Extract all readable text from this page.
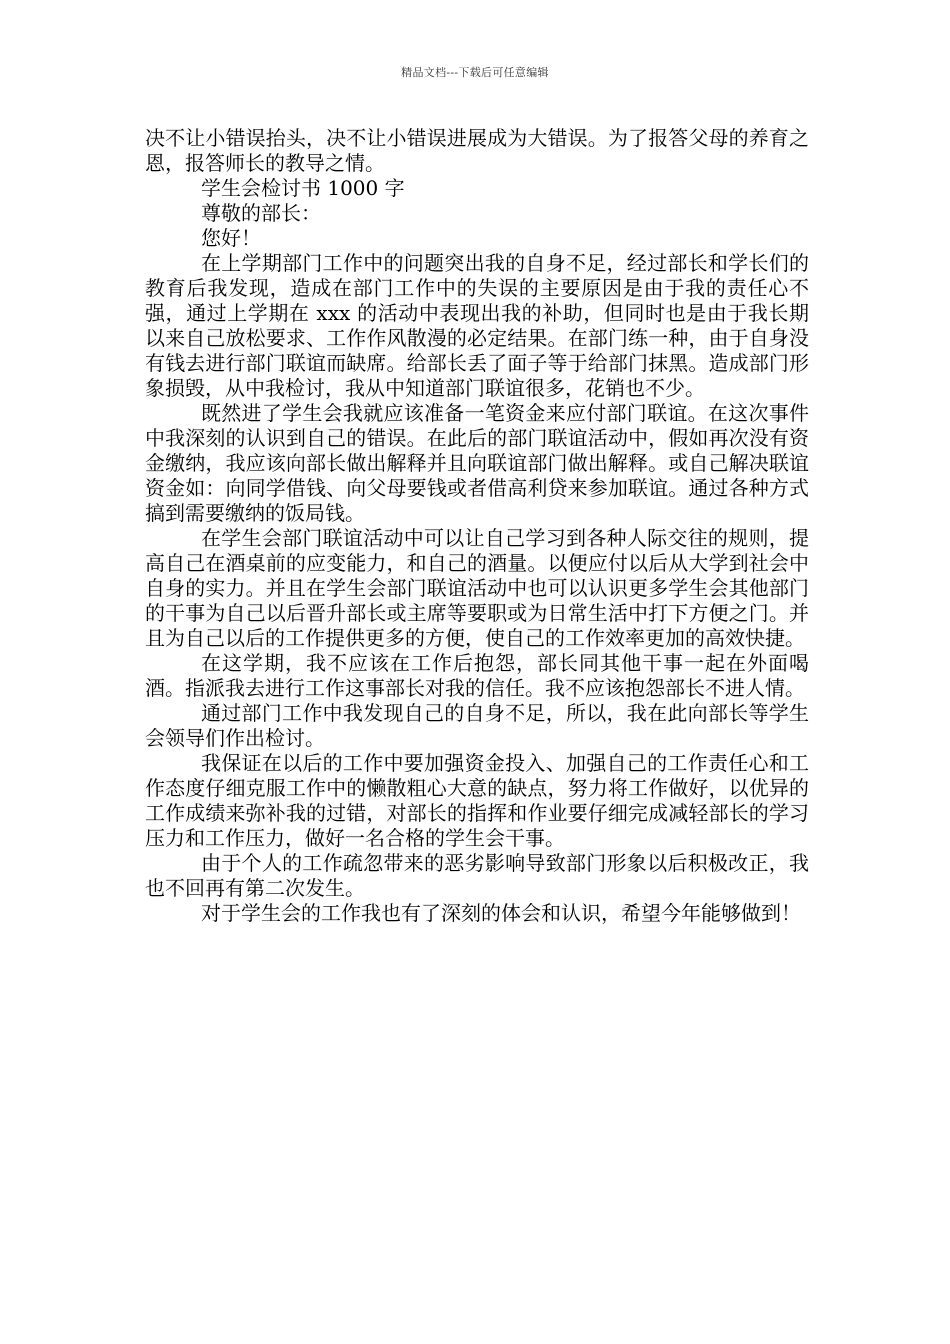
精品文档---下载后可任意编辑

决不让小错误抬头，决不让小错误进展成为大错误。为了报答父母的养育之恩，报答师长的教导之情。

学生会检讨书 1000 字

尊敬的部长：

您好！

在上学期部门工作中的问题突出我的自身不足，经过部长和学长们的教育后我发现，造成在部门工作中的失误的主要原因是由于我的责任心不强，通过上学期在 xxx 的活动中表现出我的补助，但同时也是由于我长期以来自己放松要求、工作作风散漫的必定结果。在部门练一种，由于自身没有钱去进行部门联谊而缺席。给部长丢了面子等于给部门抹黑。造成部门形象损毁，从中我检讨，我从中知道部门联谊很多，花销也不少。

既然进了学生会我就应该准备一笔资金来应付部门联谊。在这次事件中我深刻的认识到自己的错误。在此后的部门联谊活动中，假如再次没有资金缴纳，我应该向部长做出解释并且向联谊部门做出解释。或自己解决联谊资金如：向同学借钱、向父母要钱或者借高利贷来参加联谊。通过各种方式搞到需要缴纳的饭局钱。

在学生会部门联谊活动中可以让自己学习到各种人际交往的规则，提高自己在酒桌前的应变能力，和自己的酒量。以便应付以后从大学到社会中自身的实力。并且在学生会部门联谊活动中也可以认识更多学生会其他部门的干事为自己以后晋升部长或主席等要职或为日常生活中打下方便之门。并且为自己以后的工作提供更多的方便，使自己的工作效率更加的高效快捷。

在这学期，我不应该在工作后抱怨，部长同其他干事一起在外面喝酒。指派我去进行工作这事部长对我的信任。我不应该抱怨部长不进人情。

通过部门工作中我发现自己的自身不足，所以，我在此向部长等学生会领导们作出检讨。

我保证在以后的工作中要加强资金投入、加强自己的工作责任心和工作态度仔细克服工作中的懒散粗心大意的缺点，努力将工作做好，以优异的工作成绩来弥补我的过错，对部长的指挥和作业要仔细完成减轻部长的学习压力和工作压力，做好一名合格的学生会干事。

由于个人的工作疏忽带来的恶劣影响导致部门形象以后积极改正，我也不回再有第二次发生。

对于学生会的工作我也有了深刻的体会和认识，希望今年能够做到！
